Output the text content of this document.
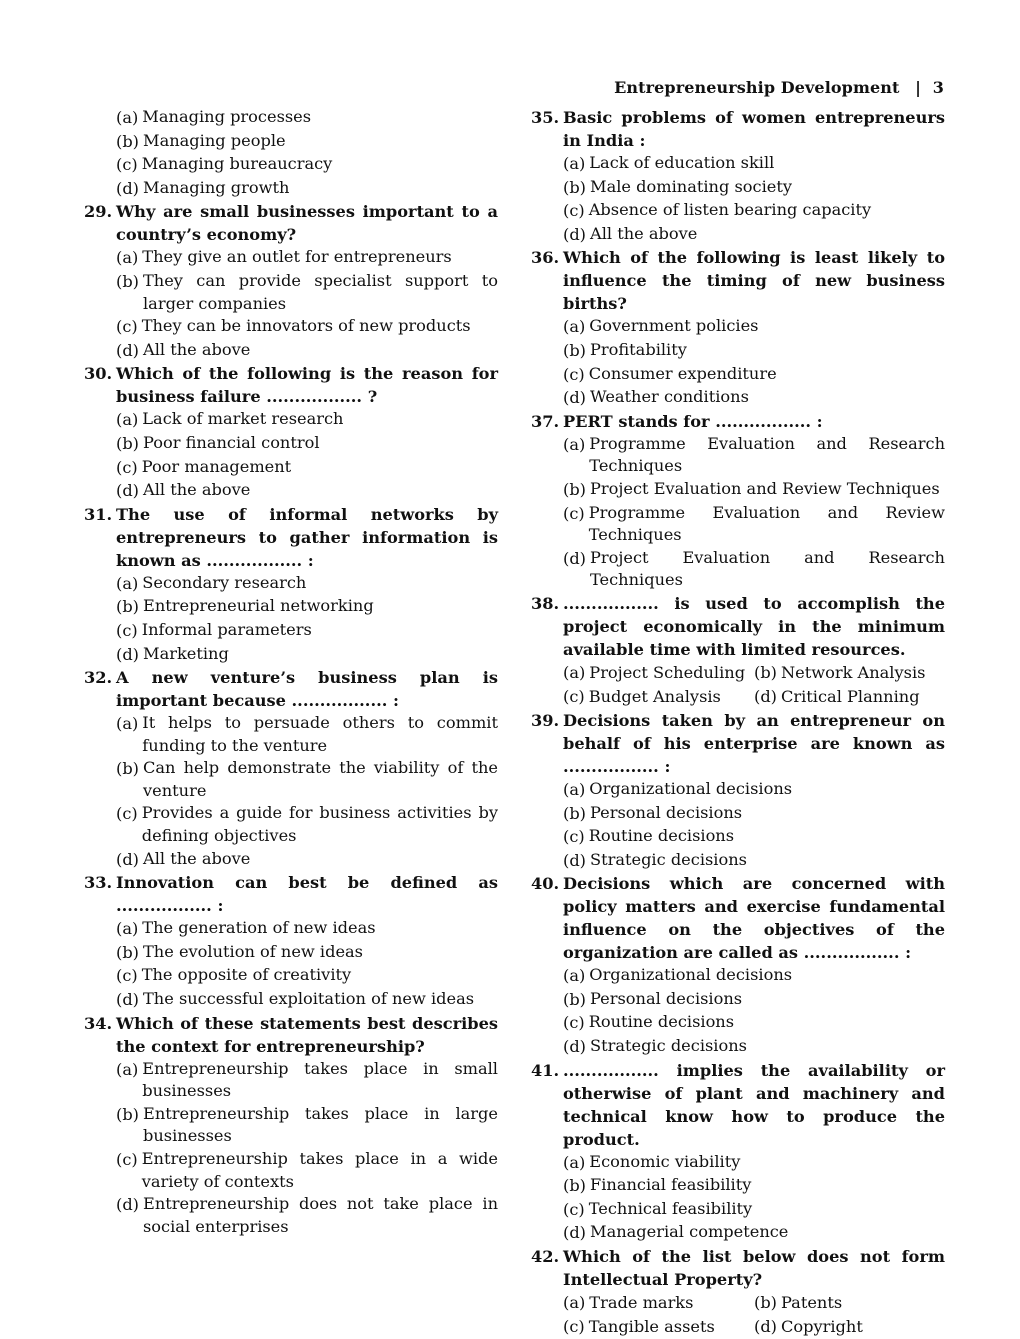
Entrepreneurship Development | 3
(a) Managing processes
(b) Managing people
(c) Managing bureaucracy
(d) Managing growth
29. Why are small businesses important to a country’s economy?
(a) They give an outlet for entrepreneurs
(b) They can provide specialist support to larger companies
(c) They can be innovators of new products
(d) All the above
30. Which of the following is the reason for business failure ................. ?
(a) Lack of market research
(b) Poor financial control
(c) Poor management
(d) All the above
31. The use of informal networks by entrepreneurs to gather information is known as ................. :
(a) Secondary research
(b) Entrepreneurial networking
(c) Informal parameters
(d) Marketing
32. A new venture’s business plan is important because ................. :
(a) It helps to persuade others to commit funding to the venture
(b) Can help demonstrate the viability of the venture
(c) Provides a guide for business activities by defining objectives
(d) All the above
33. Innovation can best be defined as ................. :
(a) The generation of new ideas
(b) The evolution of new ideas
(c) The opposite of creativity
(d) The successful exploitation of new ideas
34. Which of these statements best describes the context for entrepreneurship?
(a) Entrepreneurship takes place in small businesses
(b) Entrepreneurship takes place in large businesses
(c) Entrepreneurship takes place in a wide variety of contexts
(d) Entrepreneurship does not take place in social enterprises
35. Basic problems of women entrepreneurs in India :
(a) Lack of education skill
(b) Male dominating society
(c) Absence of listen bearing capacity
(d) All the above
36. Which of the following is least likely to influence the timing of new business births?
(a) Government policies
(b) Profitability
(c) Consumer expenditure
(d) Weather conditions
37. PERT stands for ................. :
(a) Programme Evaluation and Research Techniques
(b) Project Evaluation and Review Techniques
(c) Programme Evaluation and Review Techniques
(d) Project Evaluation and Research Techniques
38. ................. is used to accomplish the project economically in the minimum available time with limited resources.
(a) Project Scheduling (b) Network Analysis
(c) Budget Analysis (d) Critical Planning
39. Decisions taken by an entrepreneur on behalf of his enterprise are known as ................. :
(a) Organizational decisions
(b) Personal decisions
(c) Routine decisions
(d) Strategic decisions
40. Decisions which are concerned with policy matters and exercise fundamental influence on the objectives of the organization are called as ................. :
(a) Organizational decisions
(b) Personal decisions
(c) Routine decisions
(d) Strategic decisions
41. ................. implies the availability or otherwise of plant and machinery and technical know how to produce the product.
(a) Economic viability
(b) Financial feasibility
(c) Technical feasibility
(d) Managerial competence
42. Which of the list below does not form Intellectual Property?
(a) Trade marks	(b) Patents
(c) Tangible assets (d) Copyright
